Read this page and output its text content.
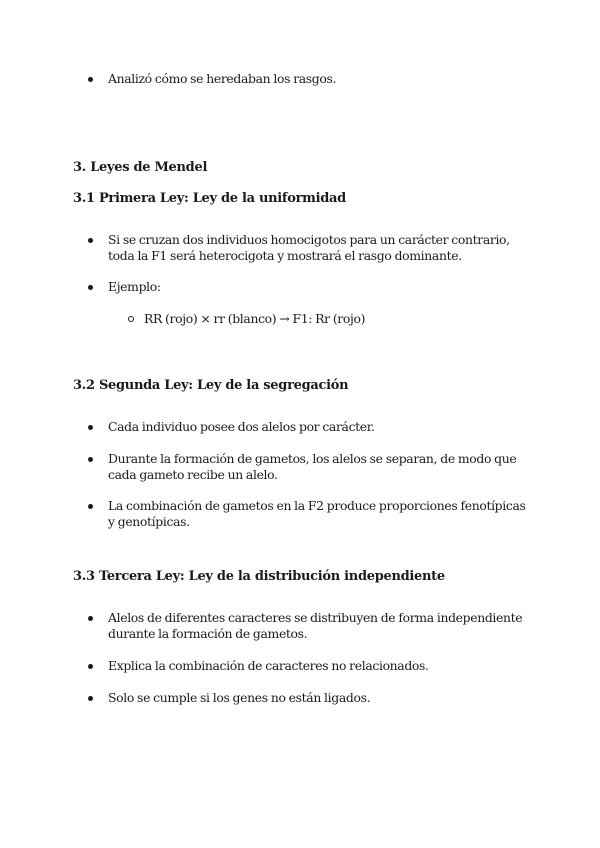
Analizó cómo se heredaban los rasgos.
3. Leyes de Mendel
3.1 Primera Ley: Ley de la uniformidad
Si se cruzan dos individuos homocigotos para un carácter contrario, toda la F1 será heterocigota y mostrará el rasgo dominante.
Ejemplo:
RR (rojo) × rr (blanco) → F1: Rr (rojo)
3.2 Segunda Ley: Ley de la segregación
Cada individuo posee dos alelos por carácter.
Durante la formación de gametos, los alelos se separan, de modo que cada gameto recibe un alelo.
La combinación de gametos en la F2 produce proporciones fenotípicas y genotípicas.
3.3 Tercera Ley: Ley de la distribución independiente
Alelos de diferentes caracteres se distribuyen de forma independiente durante la formación de gametos.
Explica la combinación de caracteres no relacionados.
Solo se cumple si los genes no están ligados.
